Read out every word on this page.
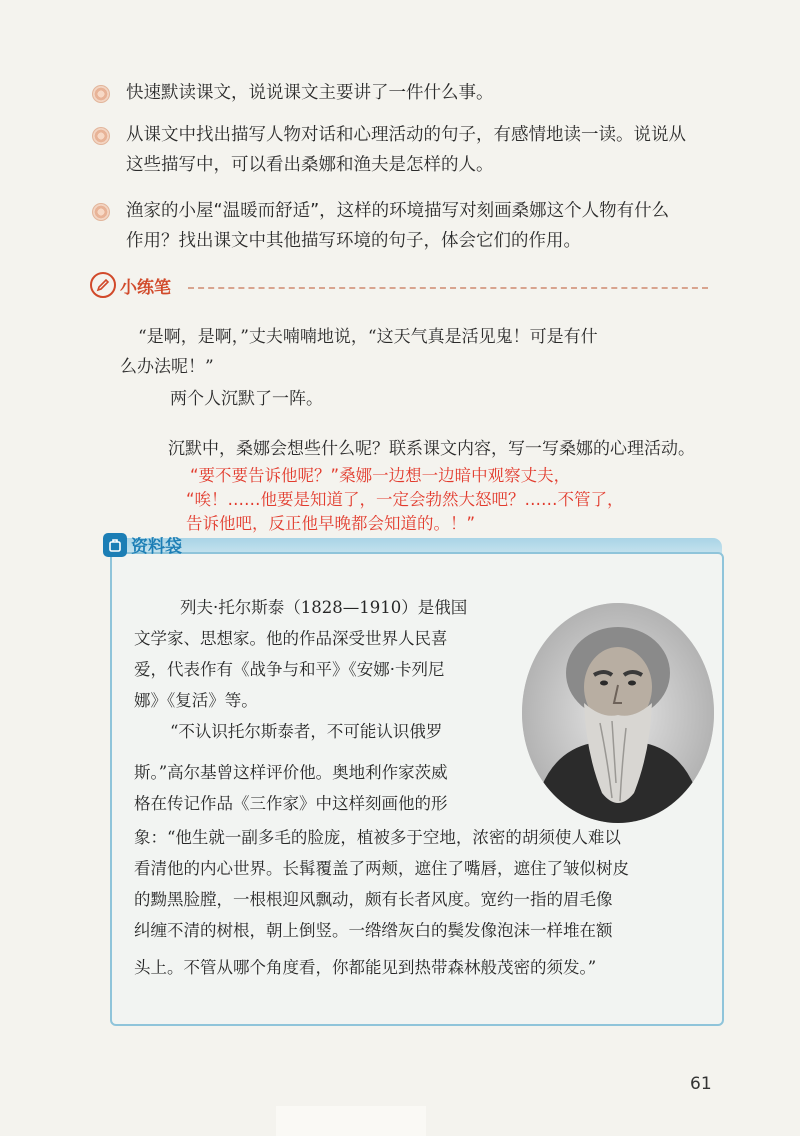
快速默读课文，说说课文主要讲了一件什么事。
从课文中找出描写人物对话和心理活动的句子，有感情地读一读。说说从
这些描写中，可以看出桑娜和渔夫是怎样的人。
渔家的小屋“温暖而舒适”，这样的环境描写对刻画桑娜这个人物有什么
作用？找出课文中其他描写环境的句子，体会它们的作用。
小练笔
“是啊，是啊，”丈夫喃喃地说，“这天气真是活见鬼！可是有什
么办法呢！”
两个人沉默了一阵。
沉默中，桑娜会想些什么呢？联系课文内容，写一写桑娜的心理活动。
“要不要告诉他呢？”桑娜一边想一边暗中观察丈夫，
“唉！……他要是知道了，一定会勃然大怒吧？……不管了，
告诉他吧，反正他早晚都会知道的。！”
资料袋
列夫·托尔斯泰（1828—1910）是俄国
文学家、思想家。他的作品深受世界人民喜
爱，代表作有《战争与和平》《安娜·卡列尼
娜》《复活》等。
“不认识托尔斯泰者，不可能认识俄罗
斯。”高尔基曾这样评价他。奥地利作家茨威
格在传记作品《三作家》中这样刻画他的形
象：“他生就一副多毛的脸庞，植被多于空地，浓密的胡须使人难以
看清他的内心世界。长髯覆盖了两颊，遮住了嘴唇，遮住了皱似树皮
的黝黑脸膛，一根根迎风飘动，颇有长者风度。宽约一指的眉毛像
纠缠不清的树根，朝上倒竖。一绺绺灰白的鬓发像泡沫一样堆在额
头上。不管从哪个角度看，你都能见到热带森林般茂密的须发。”
61
